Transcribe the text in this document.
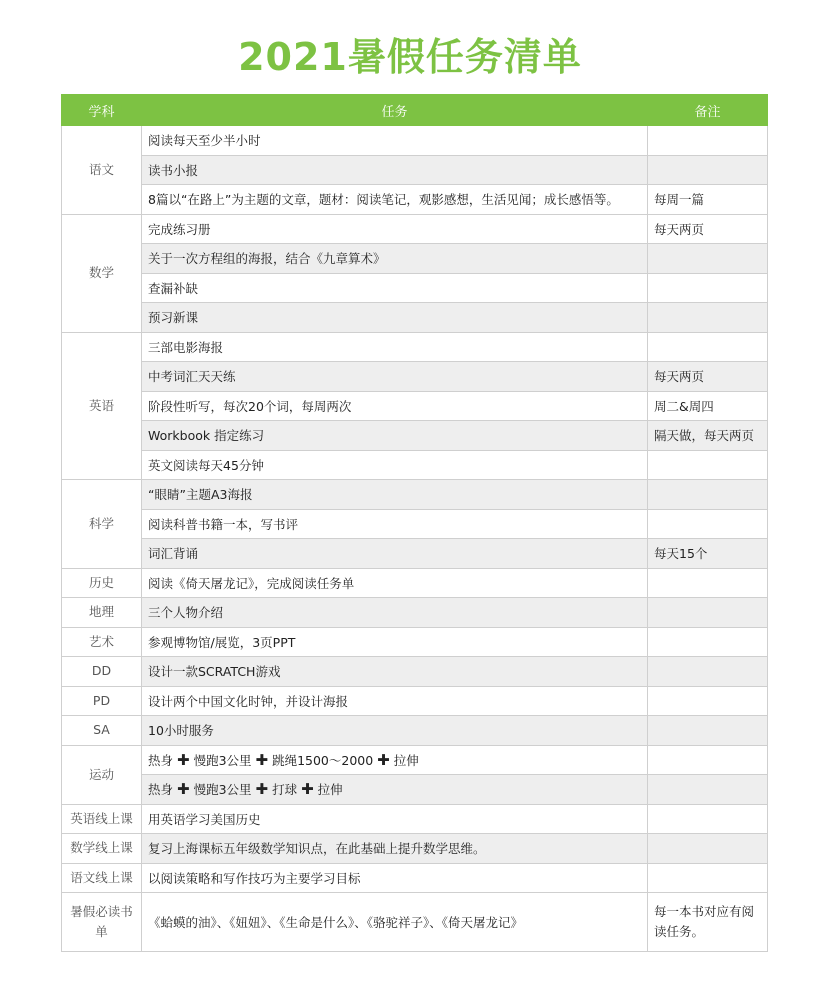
2021暑假任务清单
学科	任务	备注
语文	阅读每天至少半小时	
	读书小报	
	8篇以“在路上”为主题的文章，题材：阅读笔记，观影感想，生活见闻；成长感悟等。	每周一篇
数学	完成练习册	每天两页
	关于一次方程组的海报，结合《九章算术》	
	查漏补缺	
	预习新课	
英语	三部电影海报	
	中考词汇天天练	每天两页
	阶段性听写，每次20个词，每周两次	周二&周四
	Workbook 指定练习	隔天做，每天两页
	英文阅读每天45分钟	
科学	“眼睛”主题A3海报	
	阅读科普书籍一本，写书评	
	词汇背诵	每天15个
历史	阅读《倚天屠龙记》，完成阅读任务单	
地理	三个人物介绍	
艺术	参观博物馆/展览，3页PPT	
DD	设计一款SCRATCH游戏	
PD	设计两个中国文化时钟，并设计海报	
SA	10小时服务	
运动	热身 ✚ 慢跑3公里 ✚ 跳绳1500～2000 ✚ 拉伸	
	热身 ✚ 慢跑3公里 ✚ 打球 ✚ 拉伸	
英语线上课	用英语学习美国历史	
数学线上课	复习上海课标五年级数学知识点，在此基础上提升数学思维。	
语文线上课	以阅读策略和写作技巧为主要学习目标	
暑假必读书单	《蛤蟆的油》、《妞妞》、《生命是什么》、《骆驼祥子》、《倚天屠龙记》	每一本书对应有阅读任务。
